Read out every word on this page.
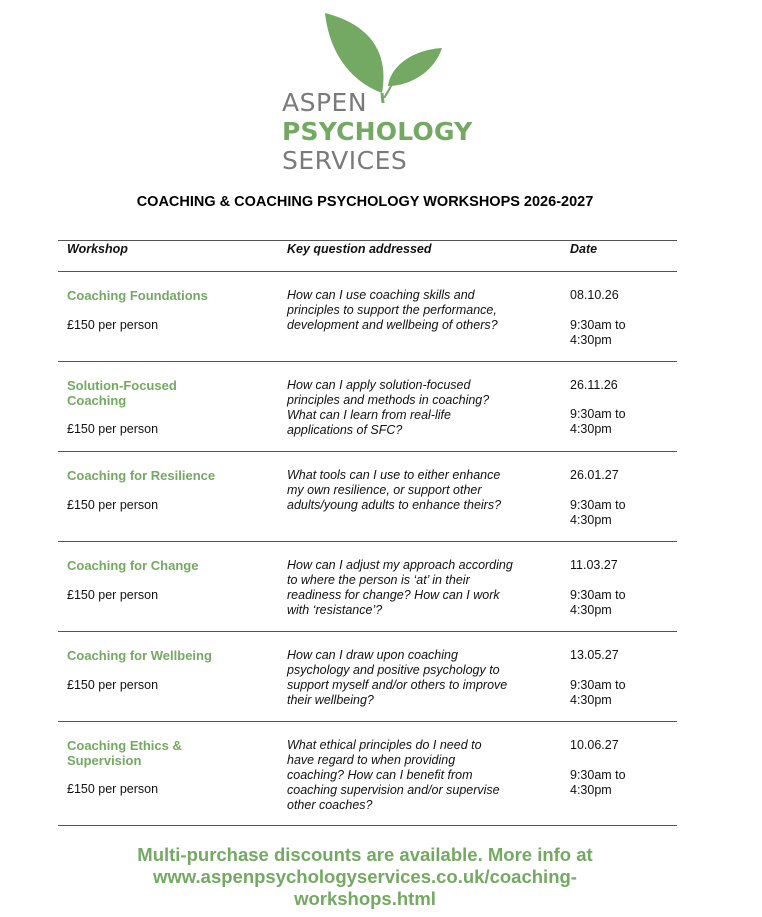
ASPEN
PSYCHOLOGY
SERVICES
COACHING & COACHING PSYCHOLOGY WORKSHOPS 2026-2027
Workshop	Key question addressed	Date
Coaching Foundations
£150 per person
How can I use coaching skills and principles to support the performance, development and wellbeing of others?
08.10.26
9:30am to 4:30pm
Solution-Focused Coaching
£150 per person
How can I apply solution-focused principles and methods in coaching? What can I learn from real-life applications of SFC?
26.11.26
9:30am to 4:30pm
Coaching for Resilience
£150 per person
What tools can I use to either enhance my own resilience, or support other adults/young adults to enhance theirs?
26.01.27
9:30am to 4:30pm
Coaching for Change
£150 per person
How can I adjust my approach according to where the person is ‘at’ in their readiness for change? How can I work with ‘resistance’?
11.03.27
9:30am to 4:30pm
Coaching for Wellbeing
£150 per person
How can I draw upon coaching psychology and positive psychology to support myself and/or others to improve their wellbeing?
13.05.27
9:30am to 4:30pm
Coaching Ethics & Supervision
£150 per person
What ethical principles do I need to have regard to when providing coaching? How can I benefit from coaching supervision and/or supervise other coaches?
10.06.27
9:30am to 4:30pm
Multi-purchase discounts are available. More info at
www.aspenpsychologyservices.co.uk/coaching-
workshops.html
